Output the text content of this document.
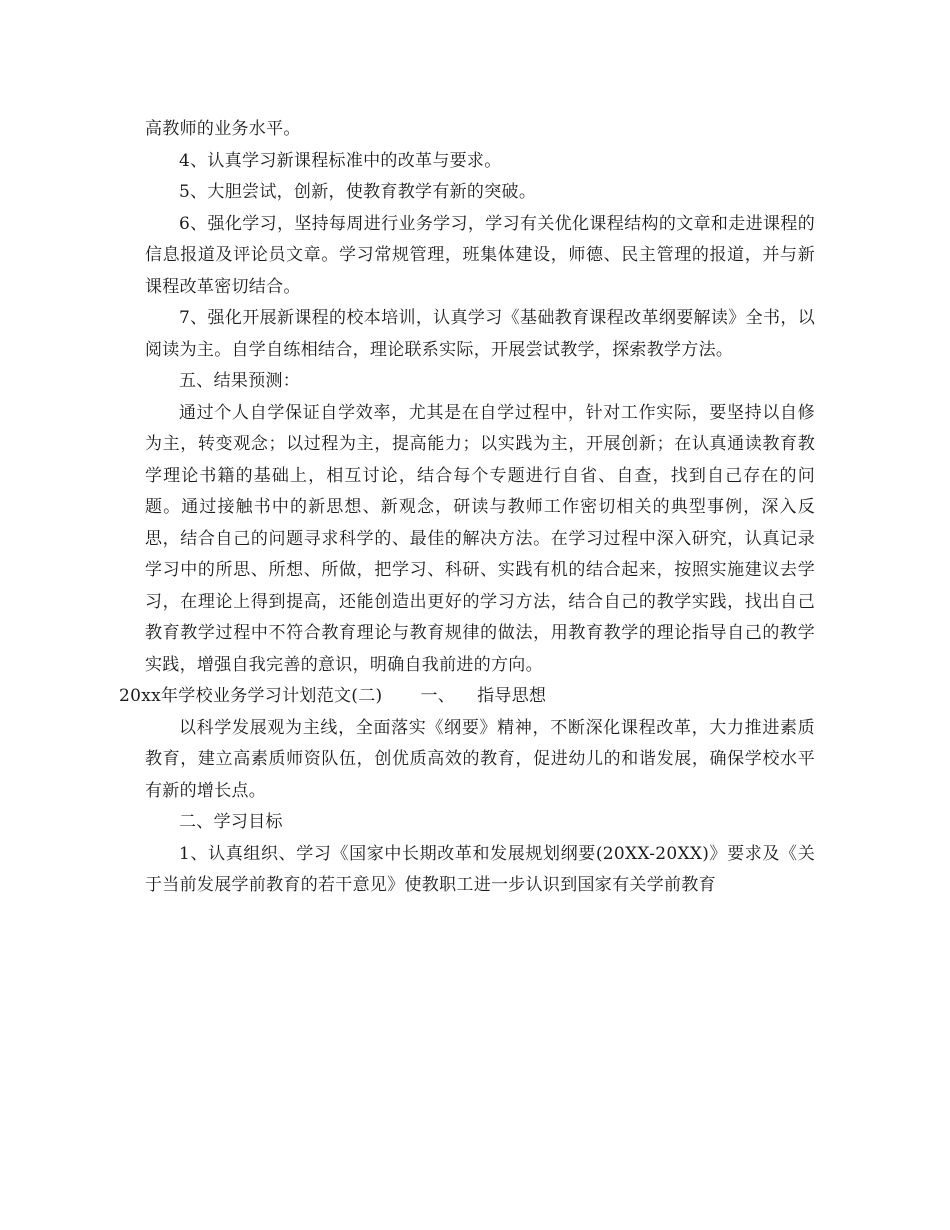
高教师的业务水平。

4、认真学习新课程标准中的改革与要求。

5、大胆尝试，创新，使教育教学有新的突破。

6、强化学习，坚持每周进行业务学习，学习有关优化课程结构的文章和走进课程的信息报道及评论员文章。学习常规管理，班集体建设，师德、民主管理的报道，并与新课程改革密切结合。

7、强化开展新课程的校本培训，认真学习《基础教育课程改革纲要解读》全书，以阅读为主。自学自练相结合，理论联系实际，开展尝试教学，探索教学方法。

五、结果预测：

通过个人自学保证自学效率，尤其是在自学过程中，针对工作实际，要坚持以自修为主，转变观念；以过程为主，提高能力；以实践为主，开展创新；在认真通读教育教学理论书籍的基础上，相互讨论，结合每个专题进行自省、自查，找到自己存在的问题。通过接触书中的新思想、新观念，研读与教师工作密切相关的典型事例，深入反思，结合自己的问题寻求科学的、最佳的解决方法。在学习过程中深入研究，认真记录学习中的所思、所想、所做，把学习、科研、实践有机的结合起来，按照实施建议去学习，在理论上得到提高，还能创造出更好的学习方法，结合自己的教学实践，找出自己教育教学过程中不符合教育理论与教育规律的做法，用教育教学的理论指导自己的教学实践，增强自我完善的意识，明确自我前进的方向。

20xx年学校业务学习计划范文(二) 一、 指导思想

以科学发展观为主线，全面落实《纲要》精神，不断深化课程改革，大力推进素质教育，建立高素质师资队伍，创优质高效的教育，促进幼儿的和谐发展，确保学校水平有新的增长点。

二、学习目标

1、认真组织、学习《国家中长期改革和发展规划纲要(20XX-20XX)》要求及《关于当前发展学前教育的若干意见》使教职工进一步认识到国家有关学前教育
